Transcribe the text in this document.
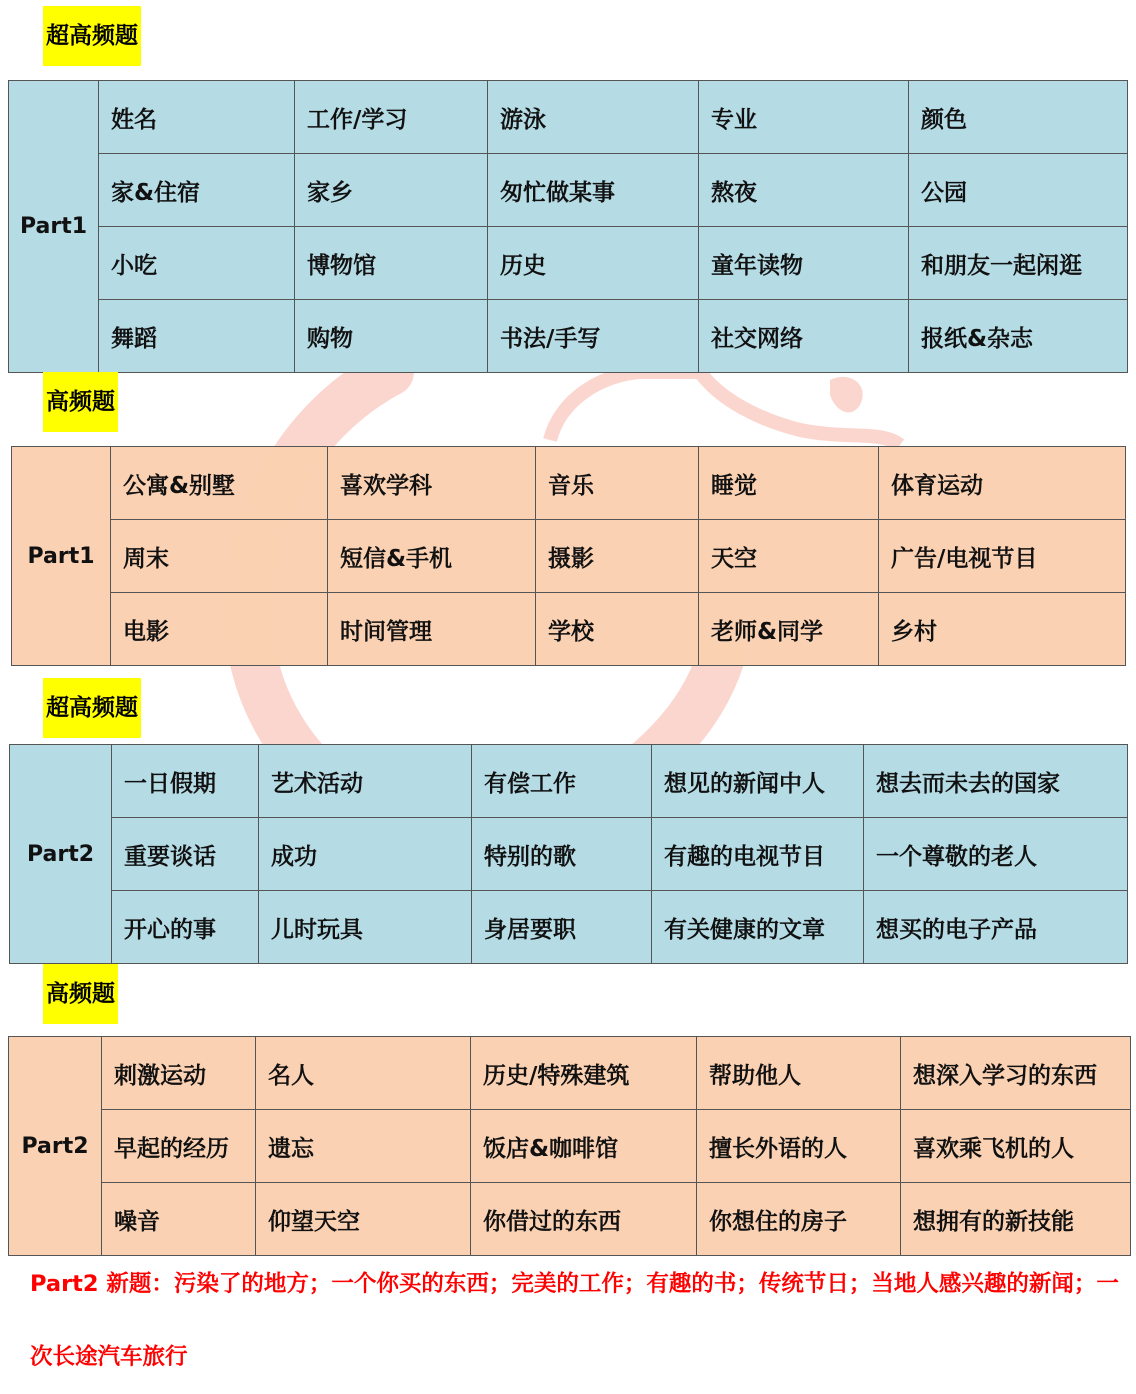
超高频题
Part1	姓名	工作/学习	游泳	专业	颜色
	家&住宿	家乡	匆忙做某事	熬夜	公园
	小吃	博物馆	历史	童年读物	和朋友一起闲逛
	舞蹈	购物	书法/手写	社交网络	报纸&杂志
高频题
Part1	公寓&别墅	喜欢学科	音乐	睡觉	体育运动
	周末	短信&手机	摄影	天空	广告/电视节目
	电影	时间管理	学校	老师&同学	乡村
超高频题
Part2	一日假期	艺术活动	有偿工作	想见的新闻中人	想去而未去的国家
	重要谈话	成功	特别的歌	有趣的电视节目	一个尊敬的老人
	开心的事	儿时玩具	身居要职	有关健康的文章	想买的电子产品
高频题
Part2	刺激运动	名人	历史/特殊建筑	帮助他人	想深入学习的东西
	早起的经历	遗忘	饭店&咖啡馆	擅长外语的人	喜欢乘飞机的人
	噪音	仰望天空	你借过的东西	你想住的房子	想拥有的新技能
Part2 新题：污染了的地方；一个你买的东西；完美的工作；有趣的书；传统节日；当地人感兴趣的新闻；一次长途汽车旅行
